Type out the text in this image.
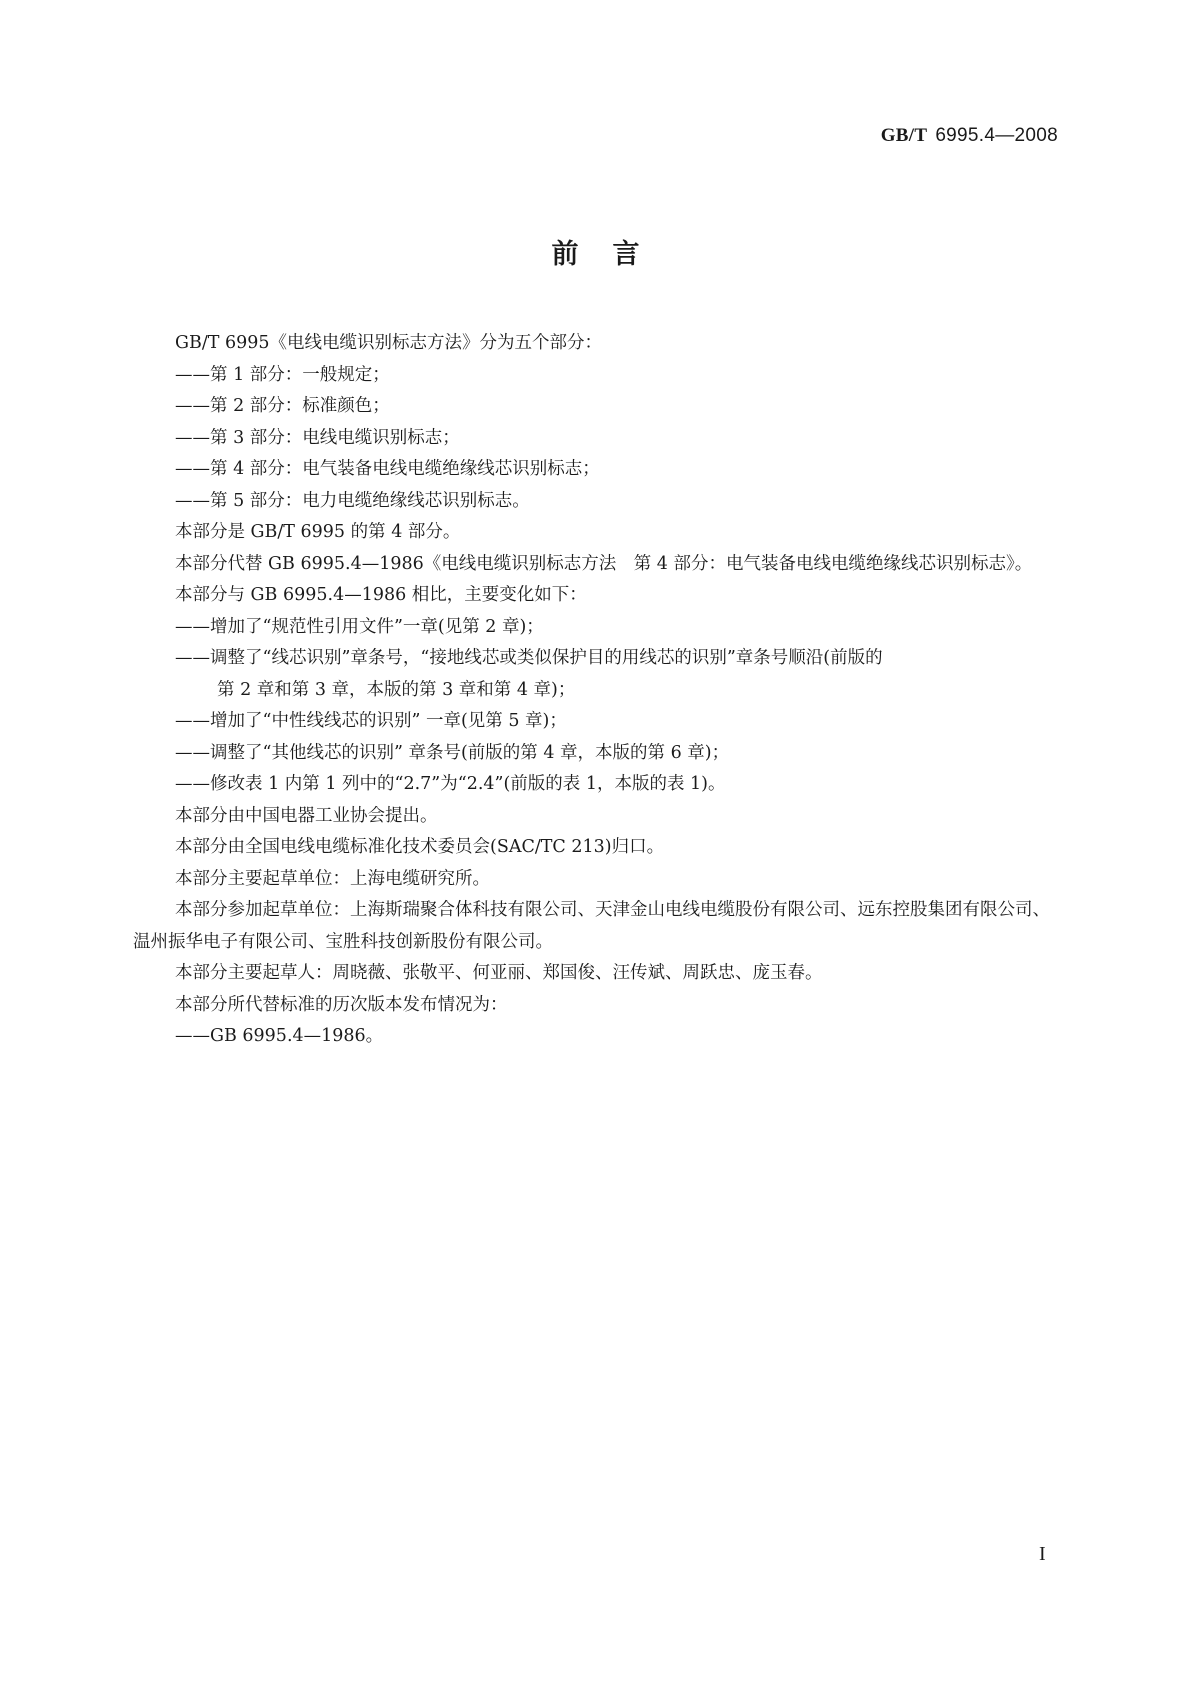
GB/T 6995.4—2008
前言

GB/T 6995《电线电缆识别标志方法》分为五个部分：

——第 1 部分：一般规定；

——第 2 部分：标准颜色；

——第 3 部分：电线电缆识别标志；

——第 4 部分：电气装备电线电缆绝缘线芯识别标志；

——第 5 部分：电力电缆绝缘线芯识别标志。

本部分是 GB/T 6995 的第 4 部分。

本部分代替 GB 6995.4—1986《电线电缆识别标志方法　第 4 部分：电气装备电线电缆绝缘线芯识别标志》。

本部分与 GB 6995.4—1986 相比，主要变化如下：

——增加了“规范性引用文件”一章(见第 2 章)；

——调整了“线芯识别”章条号，“接地线芯或类似保护目的用线芯的识别”章条号顺沿(前版的

第 2 章和第 3 章，本版的第 3 章和第 4 章)；

——增加了“中性线线芯的识别” 一章(见第 5 章)；

——调整了“其他线芯的识别” 章条号(前版的第 4 章，本版的第 6 章)；

——修改表 1 内第 1 列中的“2.7”为“2.4”(前版的表 1，本版的表 1)。

本部分由中国电器工业协会提出。

本部分由全国电线电缆标准化技术委员会(SAC/TC 213)归口。

本部分主要起草单位：上海电缆研究所。

本部分参加起草单位：上海斯瑞聚合体科技有限公司、天津金山电线电缆股份有限公司、远东控股集团有限公司、温州振华电子有限公司、宝胜科技创新股份有限公司。

本部分主要起草人：周晓薇、张敬平、何亚丽、郑国俊、汪传斌、周跃忠、庞玉春。

本部分所代替标准的历次版本发布情况为：

——GB 6995.4—1986。

I
